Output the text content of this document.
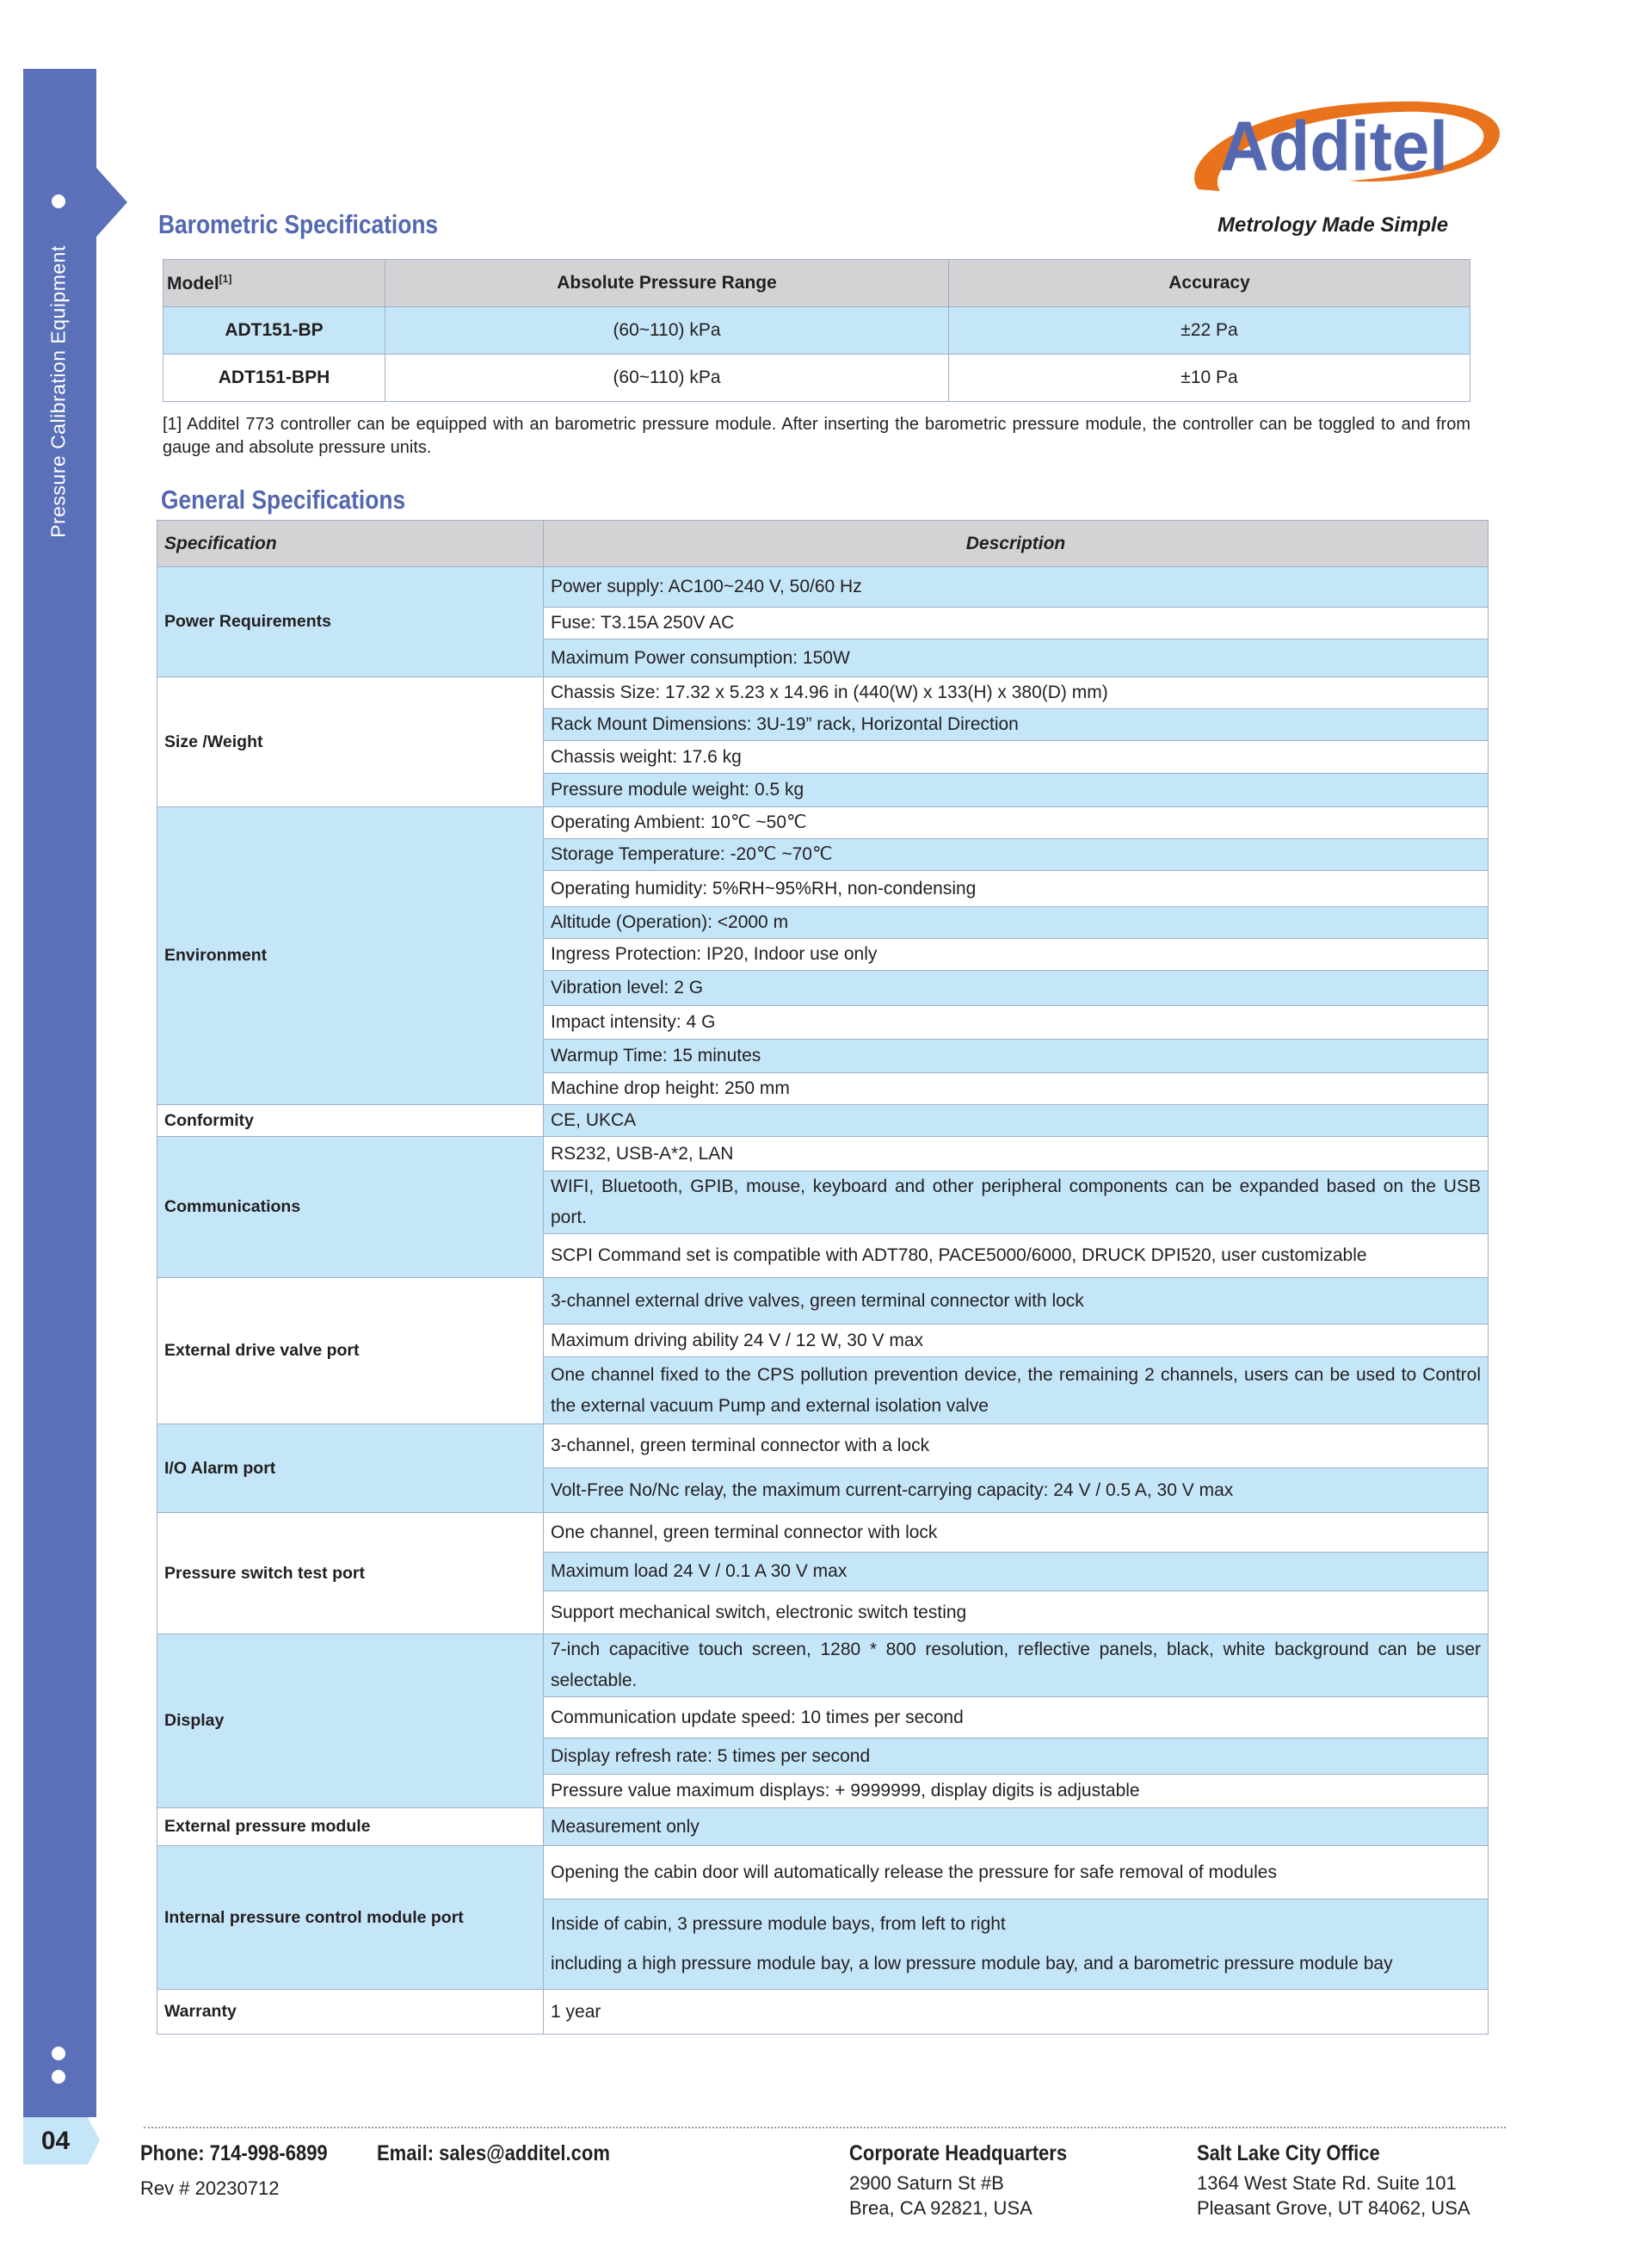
Pressure Calibration Equipment
04
Additel
Metrology Made Simple
Barometric Specifications
Model[1]	Absolute Pressure Range	Accuracy
ADT151-BP	(60~110) kPa	±22 Pa
ADT151-BPH	(60~110) kPa	±10 Pa
[1] Additel 773 controller can be equipped with an barometric pressure module. After inserting the barometric pressure module, the controller can be toggled to and from gauge and absolute pressure units.
General Specifications
Specification	Description
Power Requirements	Power supply: AC100~240 V, 50/60 Hz
	Fuse: T3.15A 250V AC
	Maximum Power consumption: 150W
Size /Weight	Chassis Size: 17.32 x 5.23 x 14.96 in (440(W) x 133(H) x 380(D) mm)
	Rack Mount Dimensions: 3U-19” rack, Horizontal Direction
	Chassis weight: 17.6 kg
	Pressure module weight: 0.5 kg
Environment	Operating Ambient: 10℃ ~50℃
	Storage Temperature: -20℃ ~70℃
	Operating humidity: 5%RH~95%RH, non-condensing
	Altitude (Operation): <2000 m
	Ingress Protection: IP20, Indoor use only
	Vibration level: 2 G
	Impact intensity: 4 G
	Warmup Time: 15 minutes
	Machine drop height: 250 mm
Conformity	CE, UKCA
Communications	RS232, USB-A*2, LAN
	WIFI, Bluetooth, GPIB, mouse, keyboard and other peripheral components can be expanded based on the USB port.
	SCPI Command set is compatible with ADT780, PACE5000/6000, DRUCK DPI520, user customizable
External drive valve port	3-channel external drive valves, green terminal connector with lock
	Maximum driving ability 24 V / 12 W, 30 V max
	One channel fixed to the CPS pollution prevention device, the remaining 2 channels, users can be used to Control the external vacuum Pump and external isolation valve
I/O Alarm port	3-channel, green terminal connector with a lock
	Volt-Free No/Nc relay, the maximum current-carrying capacity: 24 V / 0.5 A, 30 V max
Pressure switch test port	One channel, green terminal connector with lock
	Maximum load 24 V / 0.1 A 30 V max
	Support mechanical switch, electronic switch testing
Display	7-inch capacitive touch screen, 1280 * 800 resolution, reflective panels, black, white background can be user selectable.
	Communication update speed: 10 times per second
	Display refresh rate: 5 times per second
	Pressure value maximum displays: + 9999999, display digits is adjustable
External pressure module	Measurement only
Internal pressure control module port	Opening the cabin door will automatically release the pressure for safe removal of modules
	Inside of cabin, 3 pressure module bays, from left to right
including a high pressure module bay, a low pressure module bay, and a barometric pressure module bay
Warranty	1 year
Phone: 714-998-6899 Email: sales@additel.com
Rev # 20230712
Corporate Headquarters
2900 Saturn St #B
Brea, CA 92821, USA
Salt Lake City Office
1364 West State Rd. Suite 101
Pleasant Grove, UT 84062, USA
